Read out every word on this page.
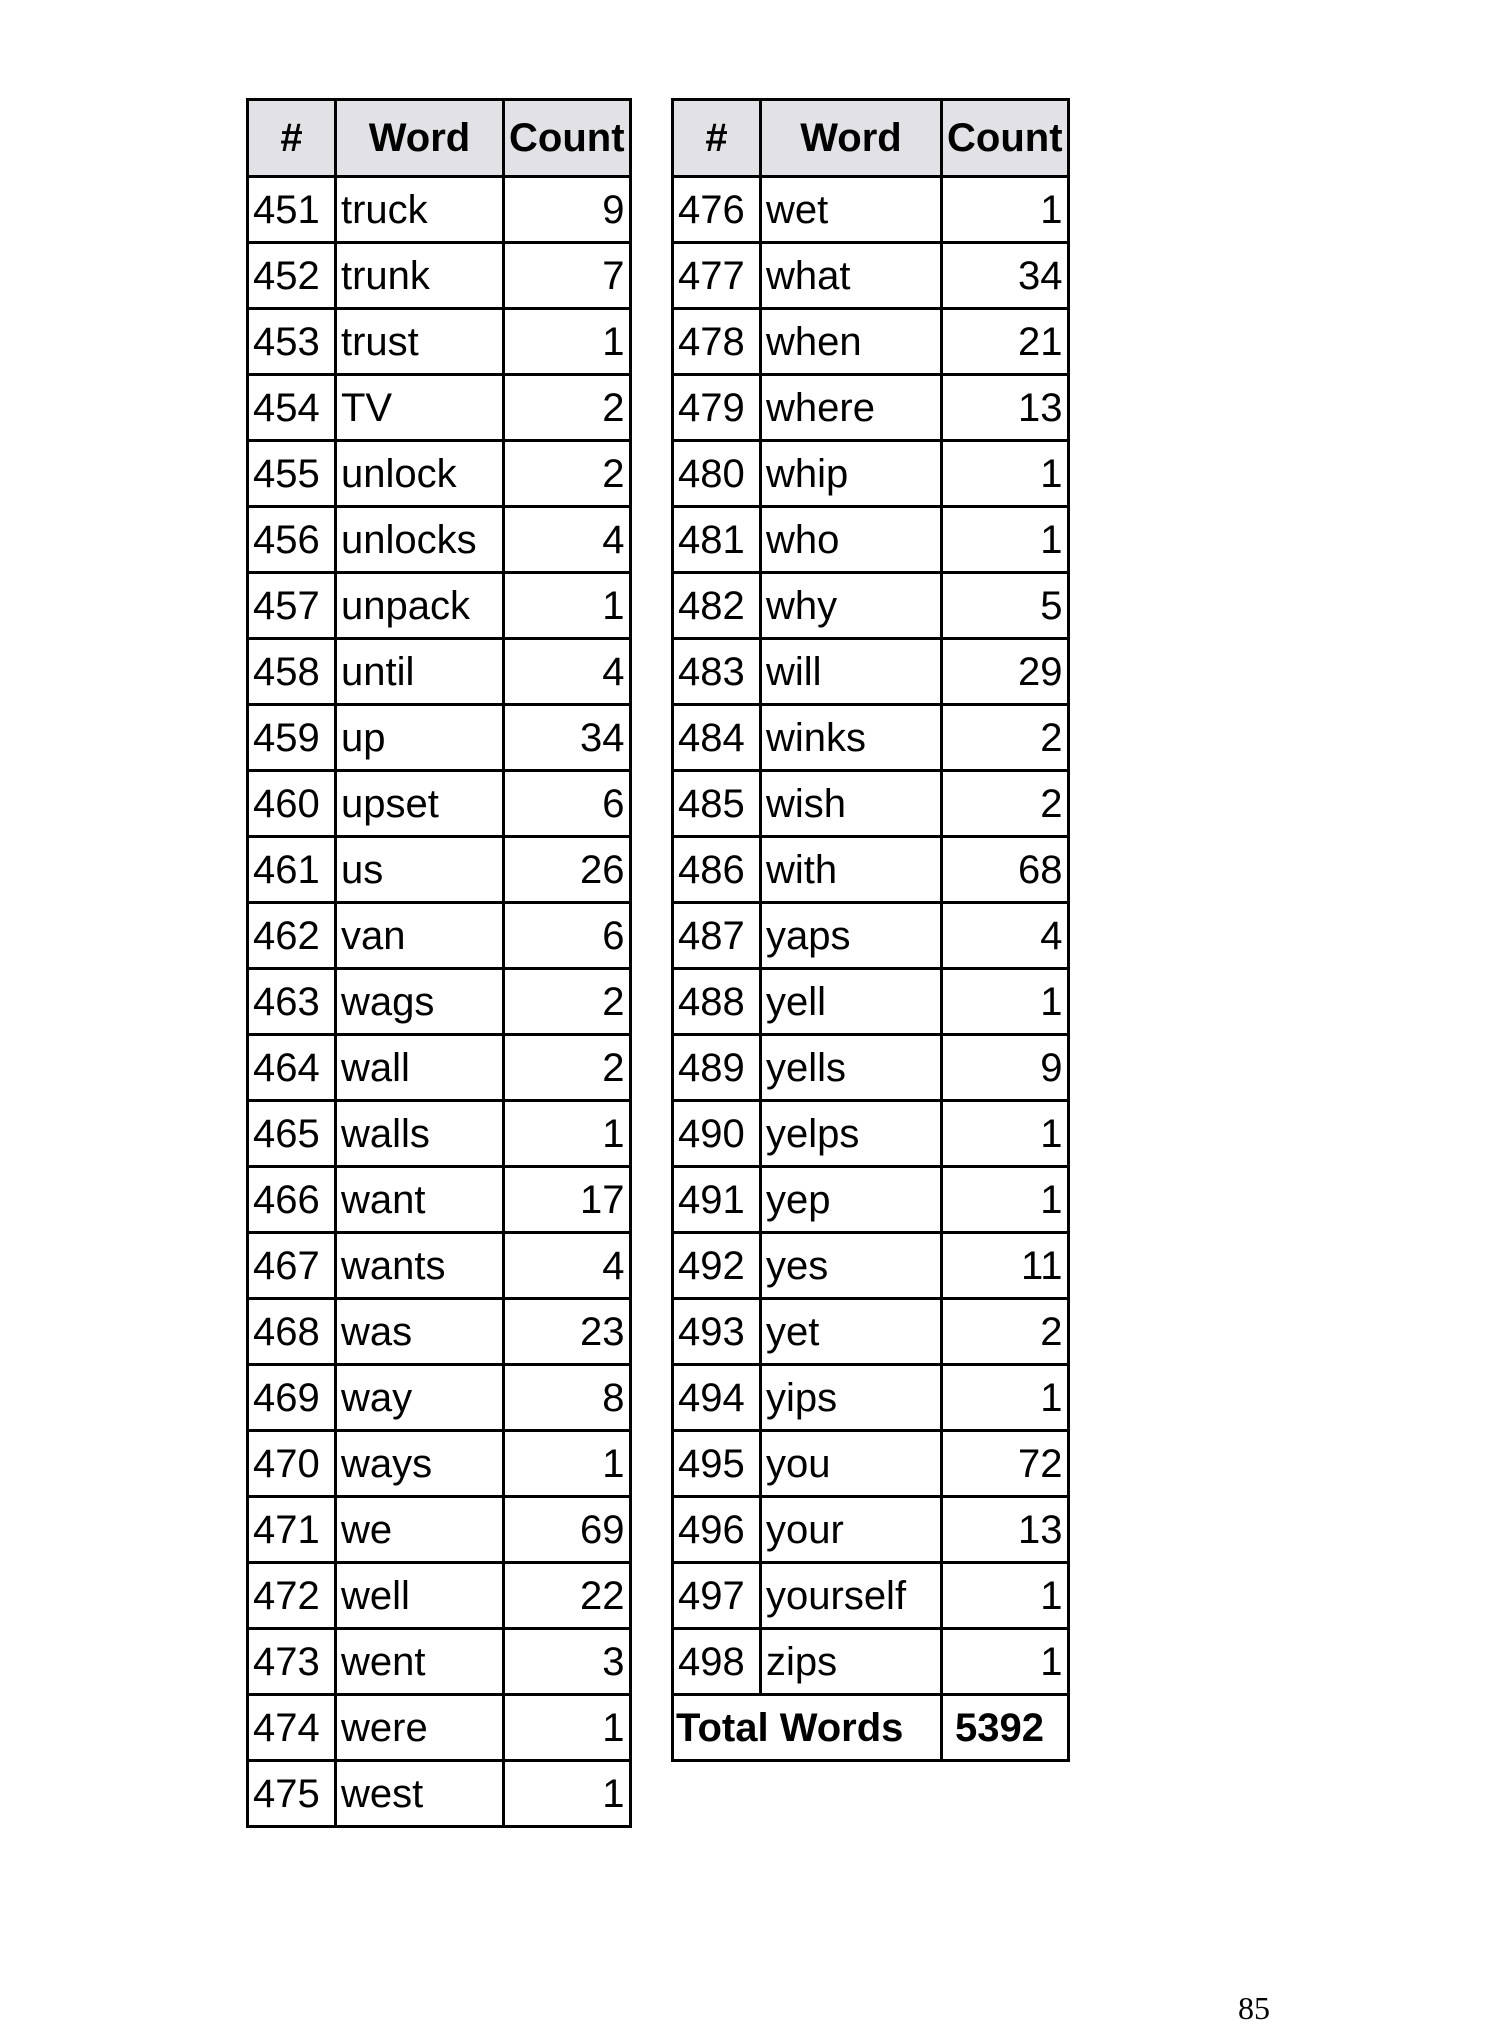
#	Word	Count
451	truck	9
452	trunk	7
453	trust	1
454	TV	2
455	unlock	2
456	unlocks	4
457	unpack	1
458	until	4
459	up	34
460	upset	6
461	us	26
462	van	6
463	wags	2
464	wall	2
465	walls	1
466	want	17
467	wants	4
468	was	23
469	way	8
470	ways	1
471	we	69
472	well	22
473	went	3
474	were	1
475	west	1
#	Word	Count
476	wet	1
477	what	34
478	when	21
479	where	13
480	whip	1
481	who	1
482	why	5
483	will	29
484	winks	2
485	wish	2
486	with	68
487	yaps	4
488	yell	1
489	yells	9
490	yelps	1
491	yep	1
492	yes	11
493	yet	2
494	yips	1
495	you	72
496	your	13
497	yourself	1
498	zips	1
Total Words		5392
85
